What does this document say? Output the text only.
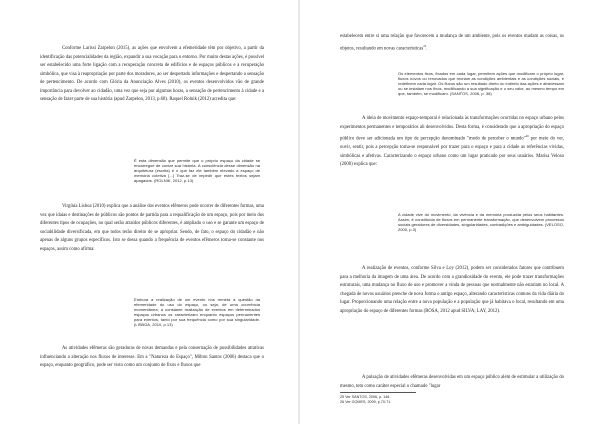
Conforme Larissi Zarpelon (2015), as ações que envolvem a efemeridade têm por objetivo, a partir da identificação das potencialidades da região, expandir a sua vocação para o entorno. Por muito destas ações, é possível ser estabelecido uma forte ligação com a recuperação concreta de edifícios e de espaços públicos e a recuperação simbólica, que visa à reapropriação por parte dos moradores, ao ser despertado informações e despertando a sensação de pertencimento. De acordo com Glória da Anunciação Alves (2010), os eventos desenvolvidos vão de grande importância para devolver ao cidadão, uma vez que seja por algumas horas, a sensação de pertencimento à cidade e a sensação de fazer parte de sua história (apud Zarpelon, 2013, p.68). Raquel Rolnik (2012) acredita que:

É esta dimensão que permite que o próprio espaço da cidade se encarregue de contar sua história. A consciência desse dimensão na arquitetura (escrita) é o que faz ele também elevado a espaço de memória coletiva [...] Traz-se de impedir que estes textos sejam apagados. (ROLNIK, 2012, p.13)

Virgínia Lisboa (2010) explica que a análise dos eventos efêmeros pode ocorrer de diferentes formas, uma vez que idaias e destinações de públicos são pontos de partida para a requalificação de um espaço, pois por meio dos diferentes tipos de ocupações, no qual serão atraídos públicos diferentes, é ampliado o uso e se garante um espaço de sociabilidade diversificada, em que todos terão direito de se apropriar. Sendo, de fato, o espaço do cidadão e não apenas de alguns grupos específicos. Isto se dessa quando a frequência de eventos efêmeros torna-se constante nos espaços, assim como afirma:

Embora a realização de um evento nos remeta à questão da efemeridade do uso do espaço, ou seja, de uma ocorrência momentânea, a constante realização de eventos em determinados espaços urbanos os caracterizam enquanto espaços permanentes para eventos, tanto por sua frequência como por sua singularidade. (LISBOA, 2010, p.13)

As atividades efêmeras são geradoras de novas demandas e pela consernação de possibilidades atrativas influenciando a alteração nos fluxos de interesse. Em a "Natureza do Espaço", Milton Santos (2006) destaca que o espaço, enquanto geográfico, pode ser visto como um conjunto de fixos e fluxos que

estabelecem entre si uma relação que favorecem a mudança de um ambiente, pois os eventos mudam as coisas, os objetos, resultando em novas características$^{25}$.

Os elementos fixos, fixados em cada lugar, permitem ações que modificam o próprio lugar, fluxos novos ou renovados que recriam as condições ambientais e as condições sociais, e redefinem cada lugar. Os fluxos são um resultado direto ou indireto das ações e atravessam ou se instalam nos fixos, modificando a sua significação e o seu valor, ao mesmo tempo em que, também, se modificam. (SANTOS, 2006, p. 38)

A ideia de movimento espaço-temporal é relacionada às transformações ocorridas no espaço urbano pelos experimentos permanentes e temporários ali desenvolvidos. Desta forma, é considerado que a apropriação do espaço público deve ser adicionada um tipo de percepção denominado "modo de perceber o mundo"$^{26}$ por meio do ver, ouvir, sentir, pois a percepção torna-se responsável por trazer para o espaço e para a cidade as referências vividas, simbólicas e afetivas. Caracterizando o espaço urbano como um lugar praticado por seus usuários. Marisa Veloso (2000) explica que:

A cidade vive do movimento, da vivência e da memória produzida pelos seus habitantes. Assim, é constituída de fluxos em permanente transformação, que desenvolvem processos sociais geradores de diversidades, singularidades, contradições e ambiguidades. (VELOSO, 2000, p.3)

A realização de eventos, conforme Silva e Loy (2012), podem ser considerados fatores que contribuem para a melhoria da imagem de uma área. De acordo com a grandiosidade do evento, ele pode trazer transformações estruturais, uma mudança no fluxo de uso e promover a vinda de pessoas que normalmente não estariam no local. A chegada de novos usuários prenche de nova forma o antigo espaço, alterando características comuns da vida diária do lugar. Proporcionando uma relação entre a nova população e a população que já habitava o local, resultando em uma apropriação do espaço de diferentes formas (ROSA, 2012 apud SILVA; LAY, 2012).

A pulsação de atividades efêmeras desenvolvidas em um espaço público além de estimular a utilização do mesmo, tem como caráter especial o chamado "lugar

25 Ver SANTOS, 2006, p. 146.
26 Ver GOMES, 2009, p.70-71.
